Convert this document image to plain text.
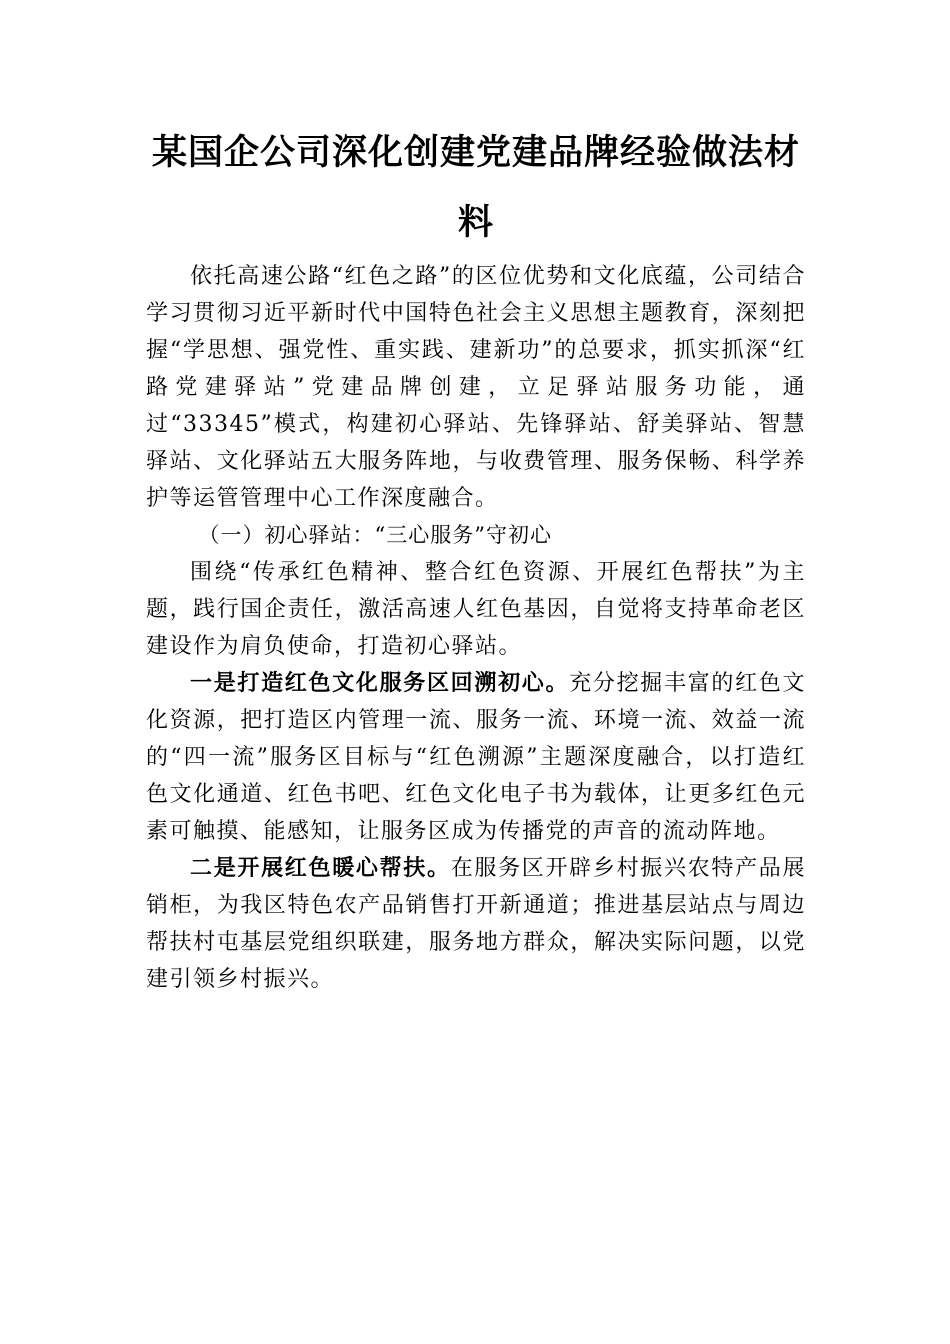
某国企公司深化创建党建品牌经验做法材料

依托高速公路“红色之路”的区位优势和文化底蕴，公司结合学习贯彻习近平新时代中国特色社会主义思想主题教育，深刻把握“学思想、强党性、重实践、建新功”的总要求，抓实抓深“红路党建驿站”党建品牌创建，立足驿站服务功能，通过“33345”模式，构建初心驿站、先锋驿站、舒美驿站、智慧驿站、文化驿站五大服务阵地，与收费管理、服务保畅、科学养护等运管管理中心工作深度融合。

（一）初心驿站：“三心服务”守初心

围绕“传承红色精神、整合红色资源、开展红色帮扶”为主题，践行国企责任，激活高速人红色基因，自觉将支持革命老区建设作为肩负使命，打造初心驿站。

一是打造红色文化服务区回溯初心。充分挖掘丰富的红色文化资源，把打造区内管理一流、服务一流、环境一流、效益一流的“四一流”服务区目标与“红色溯源”主题深度融合，以打造红色文化通道、红色书吧、红色文化电子书为载体，让更多红色元素可触摸、能感知，让服务区成为传播党的声音的流动阵地。

二是开展红色暖心帮扶。在服务区开辟乡村振兴农特产品展销柜，为我区特色农产品销售打开新通道；推进基层站点与周边帮扶村屯基层党组织联建，服务地方群众，解决实际问题，以党建引领乡村振兴。
